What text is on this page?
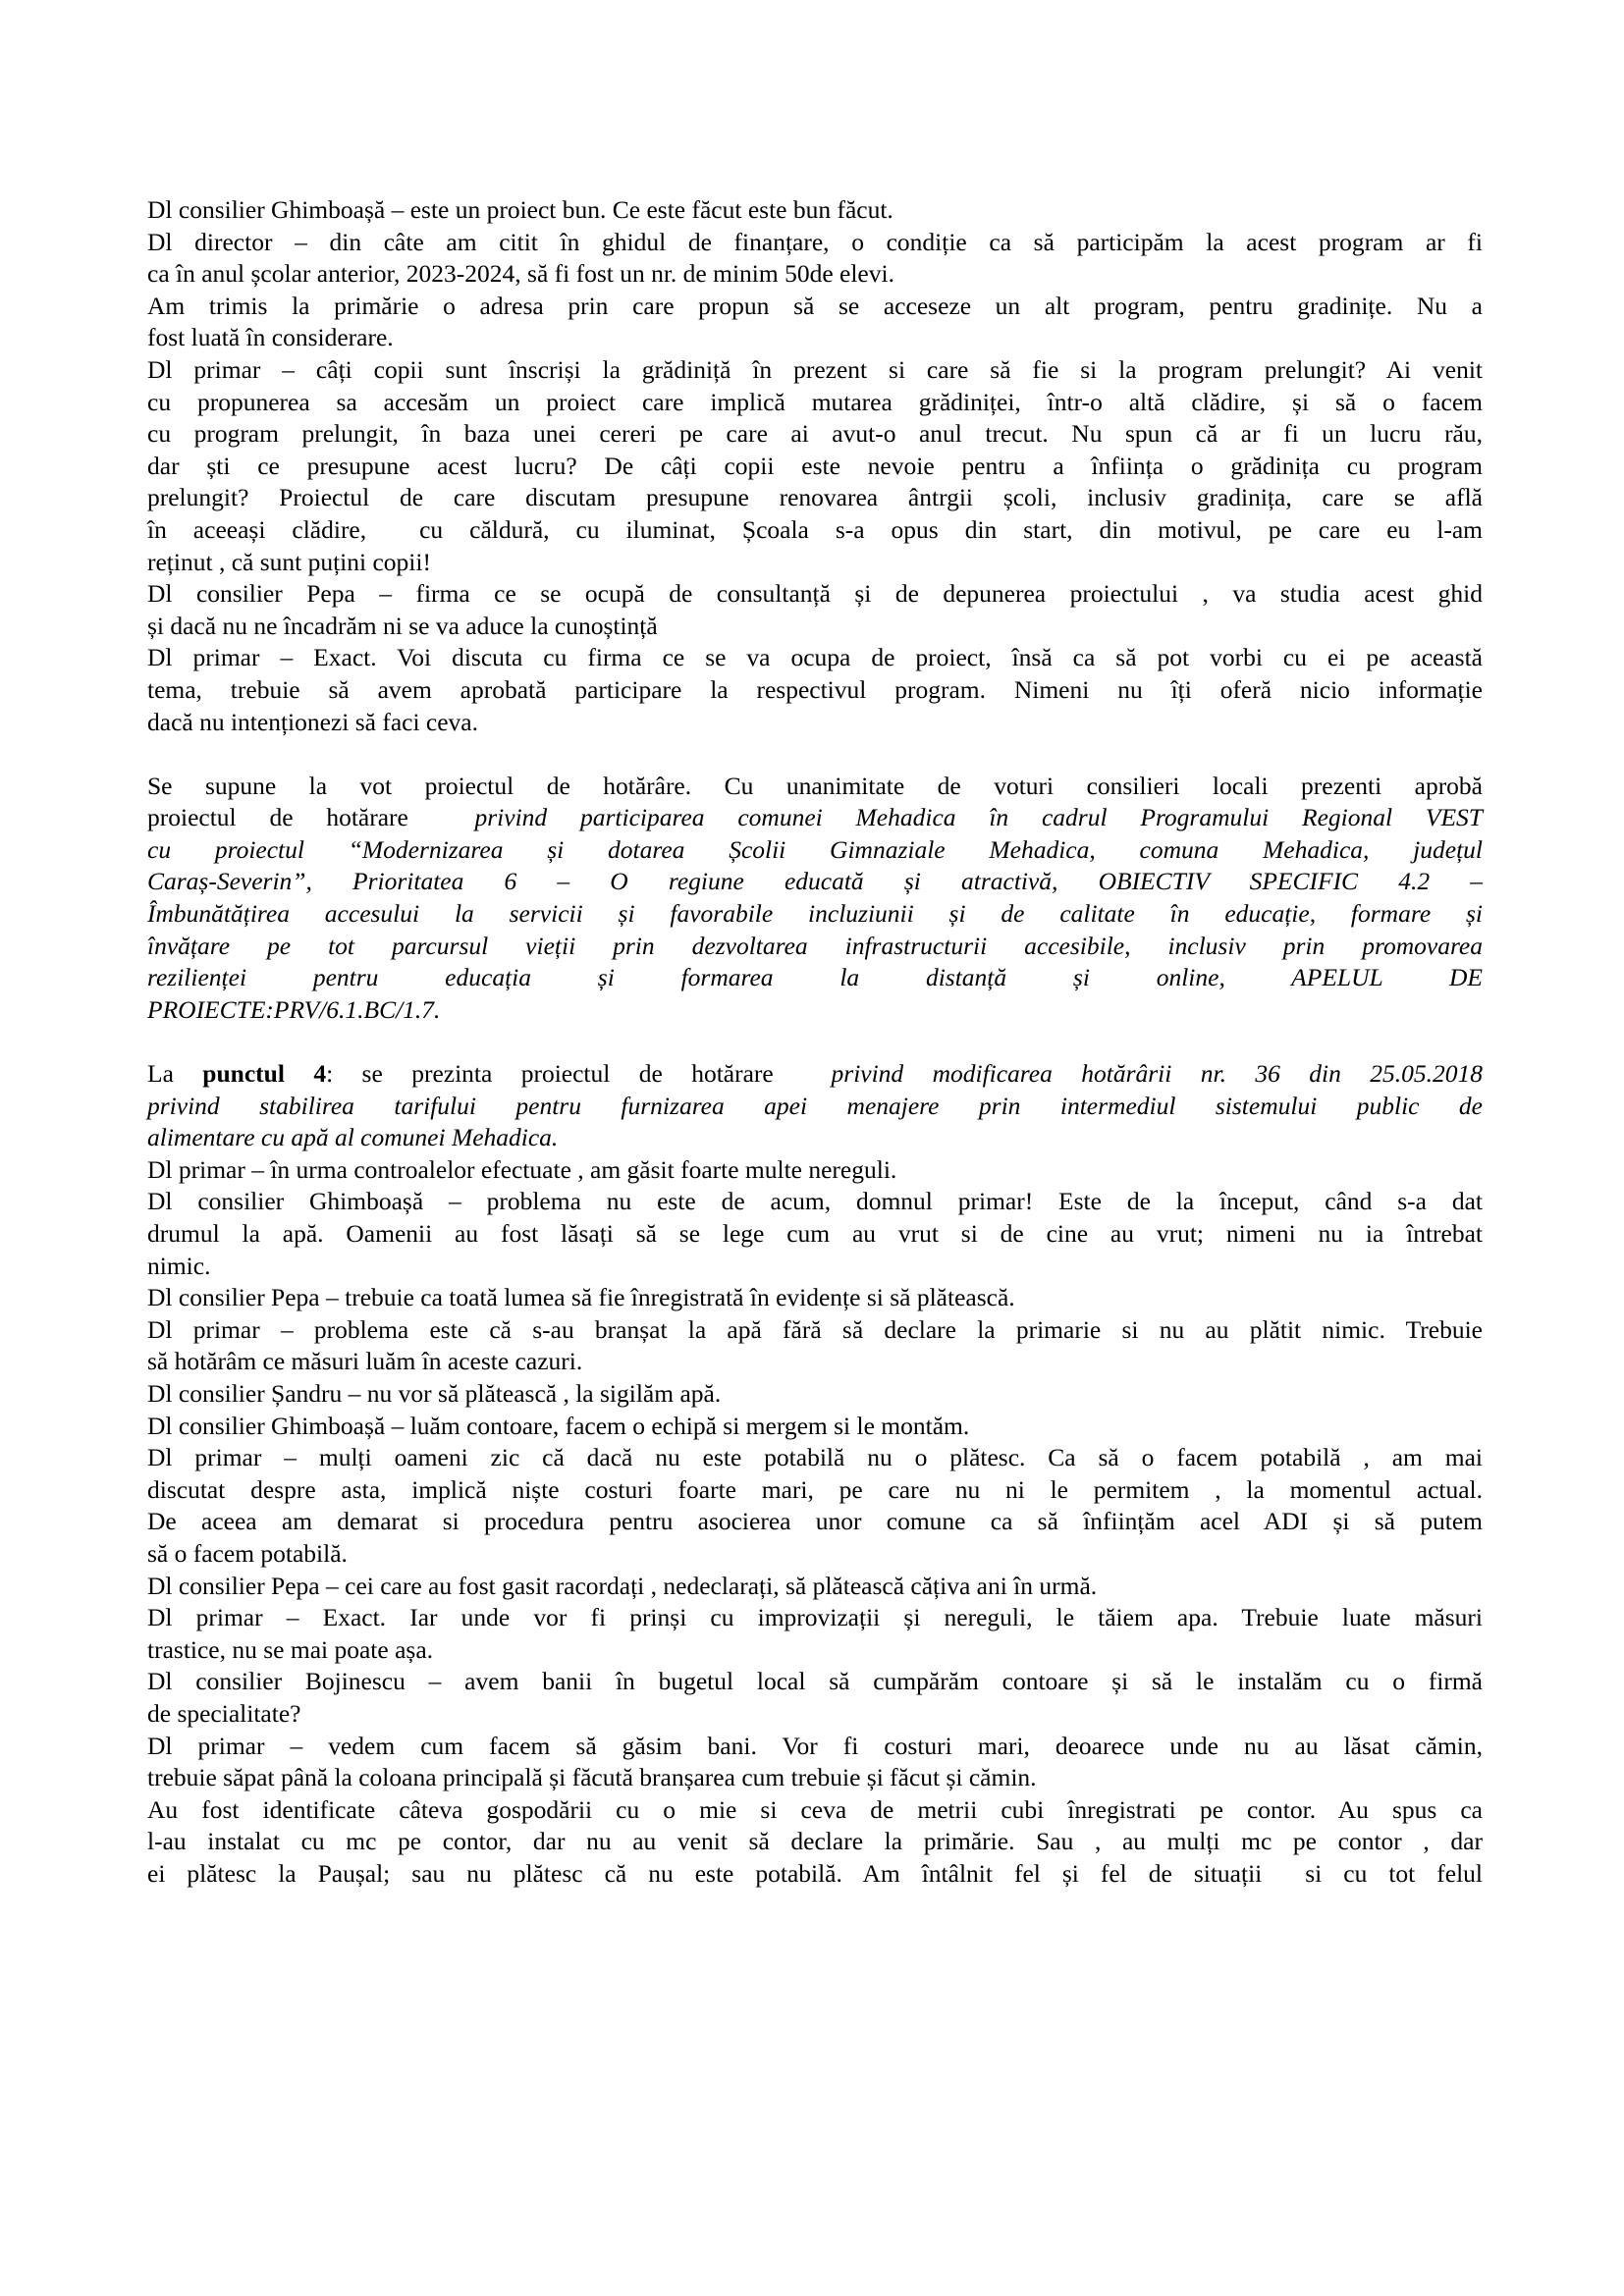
Dl consilier Ghimboașă – este un proiect bun. Ce este făcut este bun făcut.
Dl director – din câte am citit în ghidul de finanțare, o condiție ca să participăm la acest program ar fi
ca în anul școlar anterior, 2023-2024, să fi fost un nr. de minim 50de elevi.
Am trimis la primărie o adresa prin care propun să se acceseze un alt program, pentru gradinițe. Nu a
fost luată în considerare.
Dl primar – câți copii sunt înscriși la grădiniță în prezent si care să fie si la program prelungit? Ai venit
cu propunerea sa accesăm un proiect care implică mutarea grădiniței, într-o altă clădire, și să o facem
cu program prelungit, în baza unei cereri pe care ai avut-o anul trecut. Nu spun că ar fi un lucru rău,
dar ști ce presupune acest lucru? De câți copii este nevoie pentru a înființa o grădinița cu program
prelungit? Proiectul de care discutam presupune renovarea ântrgii școli, inclusiv gradinița, care se află
în aceeași clădire,  cu căldură, cu iluminat, Școala s-a opus din start, din motivul, pe care eu l-am
reținut , că sunt puțini copii!
Dl consilier Pepa – firma ce se ocupă de consultanță și de depunerea proiectului , va studia acest ghid
și dacă nu ne încadrăm ni se va aduce la cunoștință
Dl primar – Exact. Voi discuta cu firma ce se va ocupa de proiect, însă ca să pot vorbi cu ei pe această
tema, trebuie să avem aprobată participare la respectivul program. Nimeni nu îți oferă nicio informație
dacă nu intenționezi să faci ceva.
Se supune la vot proiectul de hotărâre. Cu unanimitate de voturi consilieri locali prezenti aprobă
proiectul de hotărare  privind participarea comunei Mehadica în cadrul Programului Regional VEST
cu proiectul “Modernizarea și dotarea Școlii Gimnaziale Mehadica, comuna Mehadica, județul
Caraș-Severin”, Prioritatea 6 – O regiune educată și atractivă, OBIECTIV SPECIFIC 4.2 –
Îmbunătățirea accesului la servicii și favorabile incluziunii și de calitate în educație, formare și
învățare pe tot parcursul vieții prin dezvoltarea infrastructurii accesibile, inclusiv prin promovarea
rezilienței pentru educația și formarea la distanță și online, APELUL DE
PROIECTE:PRV/6.1.BC/1.7.
La punctul 4: se prezinta proiectul de hotărare  privind modificarea hotărârii nr. 36 din 25.05.2018
privind stabilirea tarifului pentru furnizarea apei menajere prin intermediul sistemului public de
alimentare cu apă al comunei Mehadica.
Dl primar – în urma controalelor efectuate , am găsit foarte multe nereguli.
Dl consilier Ghimboașă – problema nu este de acum, domnul primar! Este de la început, când s-a dat
drumul la apă. Oamenii au fost lăsați să se lege cum au vrut si de cine au vrut; nimeni nu ia întrebat
nimic.
Dl consilier Pepa – trebuie ca toată lumea să fie înregistrată în evidențe si să plătească.
Dl primar – problema este că s-au branșat la apă fără să declare la primarie si nu au plătit nimic. Trebuie
să hotărâm ce măsuri luăm în aceste cazuri.
Dl consilier Șandru – nu vor să plătească , la sigilăm apă.
Dl consilier Ghimboașă – luăm contoare, facem o echipă si mergem si le montăm.
Dl primar – mulți oameni zic că dacă nu este potabilă nu o plătesc. Ca să o facem potabilă , am mai
discutat despre asta, implică niște costuri foarte mari, pe care nu ni le permitem , la momentul actual.
De aceea am demarat si procedura pentru asocierea unor comune ca să înființăm acel ADI și să putem
să o facem potabilă.
Dl consilier Pepa – cei care au fost gasit racordați , nedeclarați, să plătească cățiva ani în urmă.
Dl primar – Exact. Iar unde vor fi prinși cu improvizații și nereguli, le tăiem apa. Trebuie luate măsuri
trastice, nu se mai poate așa.
Dl consilier Bojinescu – avem banii în bugetul local să cumpărăm contoare și să le instalăm cu o firmă
de specialitate?
Dl primar – vedem cum facem să găsim bani. Vor fi costuri mari, deoarece unde nu au lăsat cămin,
trebuie săpat până la coloana principală și făcută branșarea cum trebuie și făcut și cămin.
Au fost identificate câteva gospodării cu o mie si ceva de metrii cubi înregistrati pe contor. Au spus ca
l-au instalat cu mc pe contor, dar nu au venit să declare la primărie. Sau , au mulți mc pe contor , dar
ei plătesc la Paușal; sau nu plătesc că nu este potabilă. Am întâlnit fel și fel de situații  si cu tot felul
